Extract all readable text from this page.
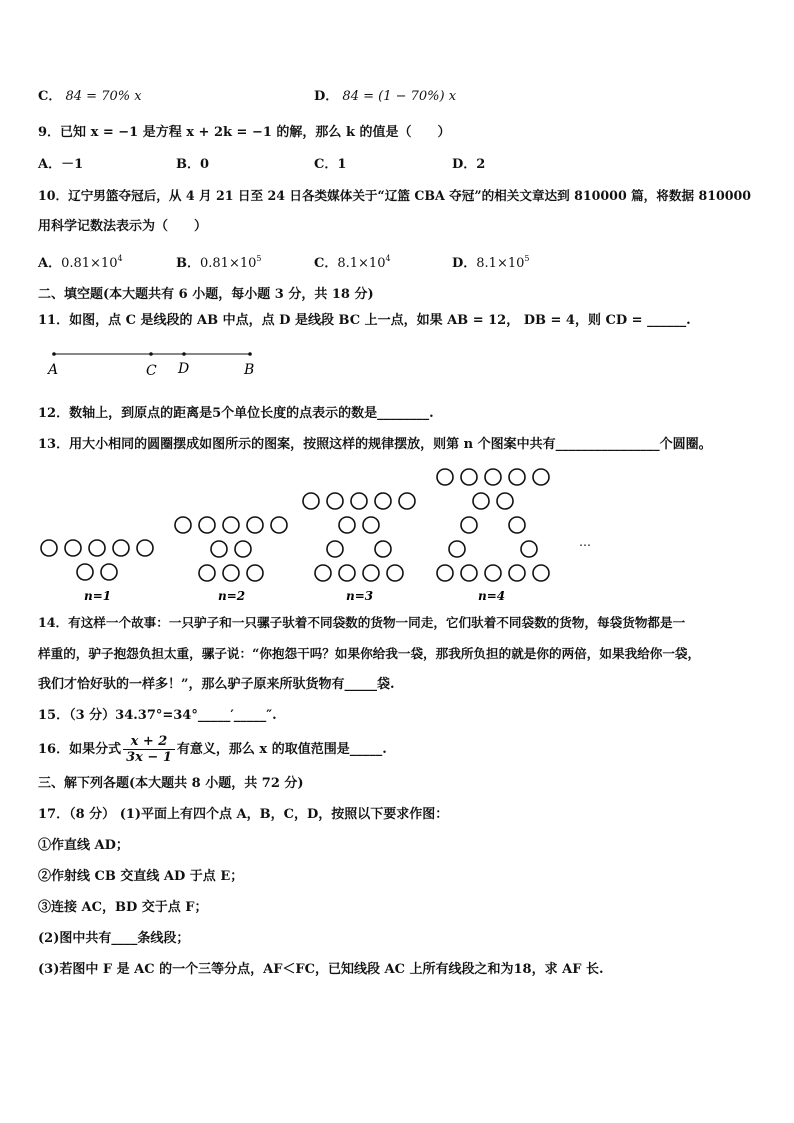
C． 84 = 70% x	D． 84 = (1 − 70%) x
9．已知 x = −1 是方程 x + 2k = −1 的解，那么 k 的值是（　　）
A．－1	B．0	C．1	D．2
10．辽宁男篮夺冠后，从 4 月 21 日至 24 日各类媒体关于“辽篮 CBA 夺冠”的相关文章达到 810000 篇，将数据 810000
用科学记数法表示为（　　）
A．$0.81\times 10^4$	B．$0.81\times 10^5$	C．$8.1\times 10^4$	D．$8.1\times 10^5$
二、填空题(本大题共有 6 小题，每小题 3 分，共 18 分)
11．如图，点 C 是线段的 AB 中点，点 D 是线段 BC 上一点，如果 AB = 12， DB = 4，则 CD = ______.
A	C D	B
12．数轴上，到原点的距离是5个单位长度的点表示的数是________.
13．用大小相同的圆圈摆成如图所示的图案，按照这样的规律摆放，则第 n 个图案中共有________________个圆圈。
n=1	n=2	n=3	n=4
…
14．有这样一个故事：一只驴子和一只骡子驮着不同袋数的货物一同走，它们驮着不同袋数的货物，每袋货物都是一
样重的，驴子抱怨负担太重，骡子说：“你抱怨干吗？如果你给我一袋，那我所负担的就是你的两倍，如果我给你一袋，
我们才恰好驮的一样多！”，那么驴子原来所驮货物有_____袋.
15．（3 分）34.37°=34°_____′_____″.
16．如果分式 $\frac{x + 2}{3x - 1}$ 有意义，那么 x 的取值范围是_____.
三、解下列各题(本大题共 8 小题，共 72 分)
17．（8 分） (1)平面上有四个点 A，B，C，D，按照以下要求作图：
①作直线 AD；
②作射线 CB 交直线 AD 于点 E；
③连接 AC，BD 交于点 F；
(2)图中共有____条线段；
(3)若图中 F 是 AC 的一个三等分点，AF＜FC，已知线段 AC 上所有线段之和为18，求 AF 长.
